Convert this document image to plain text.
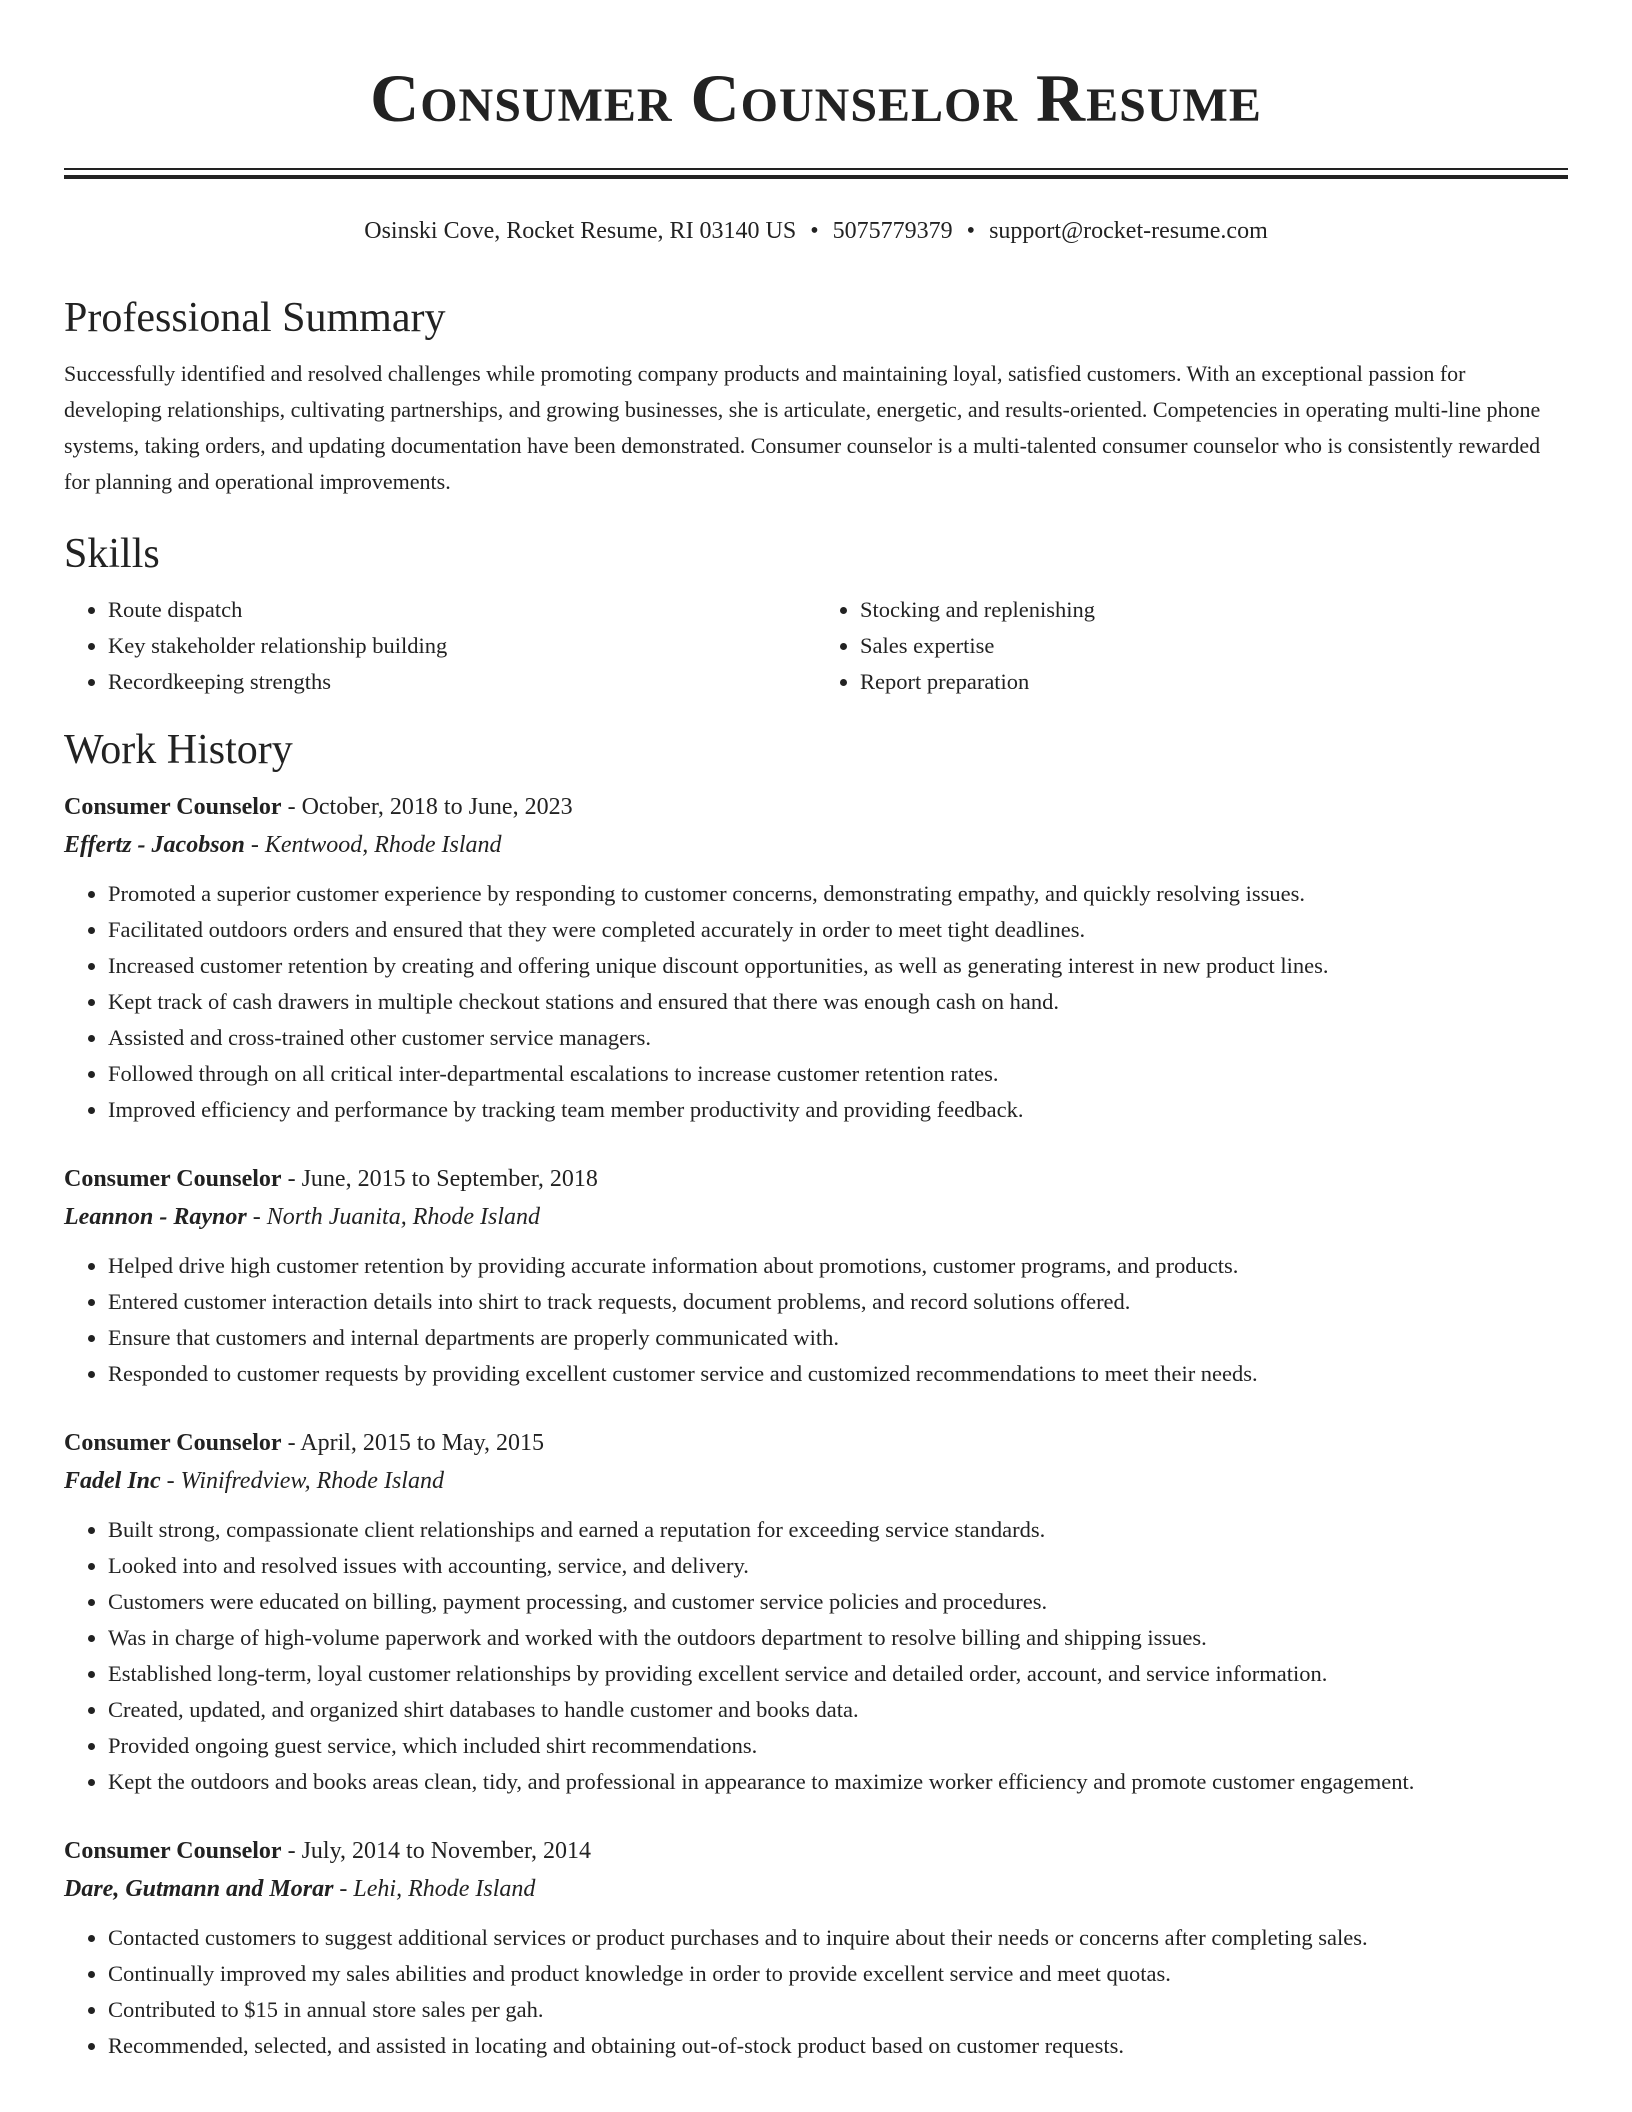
Consumer Counselor Resume
Osinski Cove, Rocket Resume, RI 03140 US • 5075779379 • support@rocket-resume.com
Professional Summary

Successfully identified and resolved challenges while promoting company products and maintaining loyal, satisfied customers. With an exceptional passion for developing relationships, cultivating partnerships, and growing businesses, she is articulate, energetic, and results-oriented. Competencies in operating multi-line phone systems, taking orders, and updating documentation have been demonstrated. Consumer counselor is a multi-talented consumer counselor who is consistently rewarded for planning and operational improvements.

Skills
• Route dispatch
• Key stakeholder relationship building
• Recordkeeping strengths
• Stocking and replenishing
• Sales expertise
• Report preparation
Work History
Consumer Counselor - October, 2018 to June, 2023
Effertz - Jacobson - Kentwood, Rhode Island
• Promoted a superior customer experience by responding to customer concerns, demonstrating empathy, and quickly resolving issues.
• Facilitated outdoors orders and ensured that they were completed accurately in order to meet tight deadlines.
• Increased customer retention by creating and offering unique discount opportunities, as well as generating interest in new product lines.
• Kept track of cash drawers in multiple checkout stations and ensured that there was enough cash on hand.
• Assisted and cross-trained other customer service managers.
• Followed through on all critical inter-departmental escalations to increase customer retention rates.
• Improved efficiency and performance by tracking team member productivity and providing feedback.
Consumer Counselor - June, 2015 to September, 2018
Leannon - Raynor - North Juanita, Rhode Island
• Helped drive high customer retention by providing accurate information about promotions, customer programs, and products.
• Entered customer interaction details into shirt to track requests, document problems, and record solutions offered.
• Ensure that customers and internal departments are properly communicated with.
• Responded to customer requests by providing excellent customer service and customized recommendations to meet their needs.
Consumer Counselor - April, 2015 to May, 2015
Fadel Inc - Winifredview, Rhode Island
• Built strong, compassionate client relationships and earned a reputation for exceeding service standards.
• Looked into and resolved issues with accounting, service, and delivery.
• Customers were educated on billing, payment processing, and customer service policies and procedures.
• Was in charge of high-volume paperwork and worked with the outdoors department to resolve billing and shipping issues.
• Established long-term, loyal customer relationships by providing excellent service and detailed order, account, and service information.
• Created, updated, and organized shirt databases to handle customer and books data.
• Provided ongoing guest service, which included shirt recommendations.
• Kept the outdoors and books areas clean, tidy, and professional in appearance to maximize worker efficiency and promote customer engagement.
Consumer Counselor - July, 2014 to November, 2014
Dare, Gutmann and Morar - Lehi, Rhode Island
• Contacted customers to suggest additional services or product purchases and to inquire about their needs or concerns after completing sales.
• Continually improved my sales abilities and product knowledge in order to provide excellent service and meet quotas.
• Contributed to $15 in annual store sales per gah.
• Recommended, selected, and assisted in locating and obtaining out-of-stock product based on customer requests.
